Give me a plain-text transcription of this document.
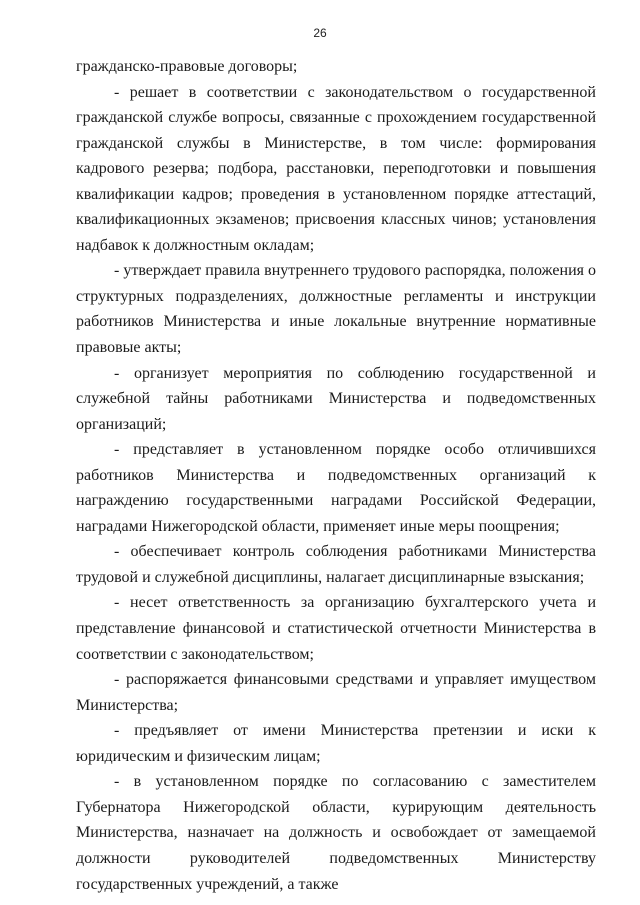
26

гражданско-правовые договоры;

- решает в соответствии с законодательством о государственной гражданской службе вопросы, связанные с прохождением государственной гражданской службы в Министерстве, в том числе: формирования кадрового резерва; подбора, расстановки, переподготовки и повышения квалификации кадров; проведения в установленном порядке аттестаций, квалификационных экзаменов; присвоения классных чинов; установления надбавок к должностным окладам;

- утверждает правила внутреннего трудового распорядка, положения о структурных подразделениях, должностные регламенты и инструкции работников Министерства и иные локальные внутренние нормативные правовые акты;

- организует мероприятия по соблюдению государственной и служебной тайны работниками Министерства и подведомственных организаций;

- представляет в установленном порядке особо отличившихся работников Министерства и подведомственных организаций к награждению государственными наградами Российской Федерации, наградами Нижегородской области, применяет иные меры поощрения;

- обеспечивает контроль соблюдения работниками Министерства трудовой и служебной дисциплины, налагает дисциплинарные взыскания;

- несет ответственность за организацию бухгалтерского учета и представление финансовой и статистической отчетности Министерства в соответствии с законодательством;

- распоряжается финансовыми средствами и управляет имуществом Министерства;

- предъявляет от имени Министерства претензии и иски к юридическим и физическим лицам;

- в установленном порядке по согласованию с заместителем Губернатора Нижегородской области, курирующим деятельность Министерства, назначает на должность и освобождает от замещаемой должности руководителей подведомственных Министерству государственных учреждений, а также
